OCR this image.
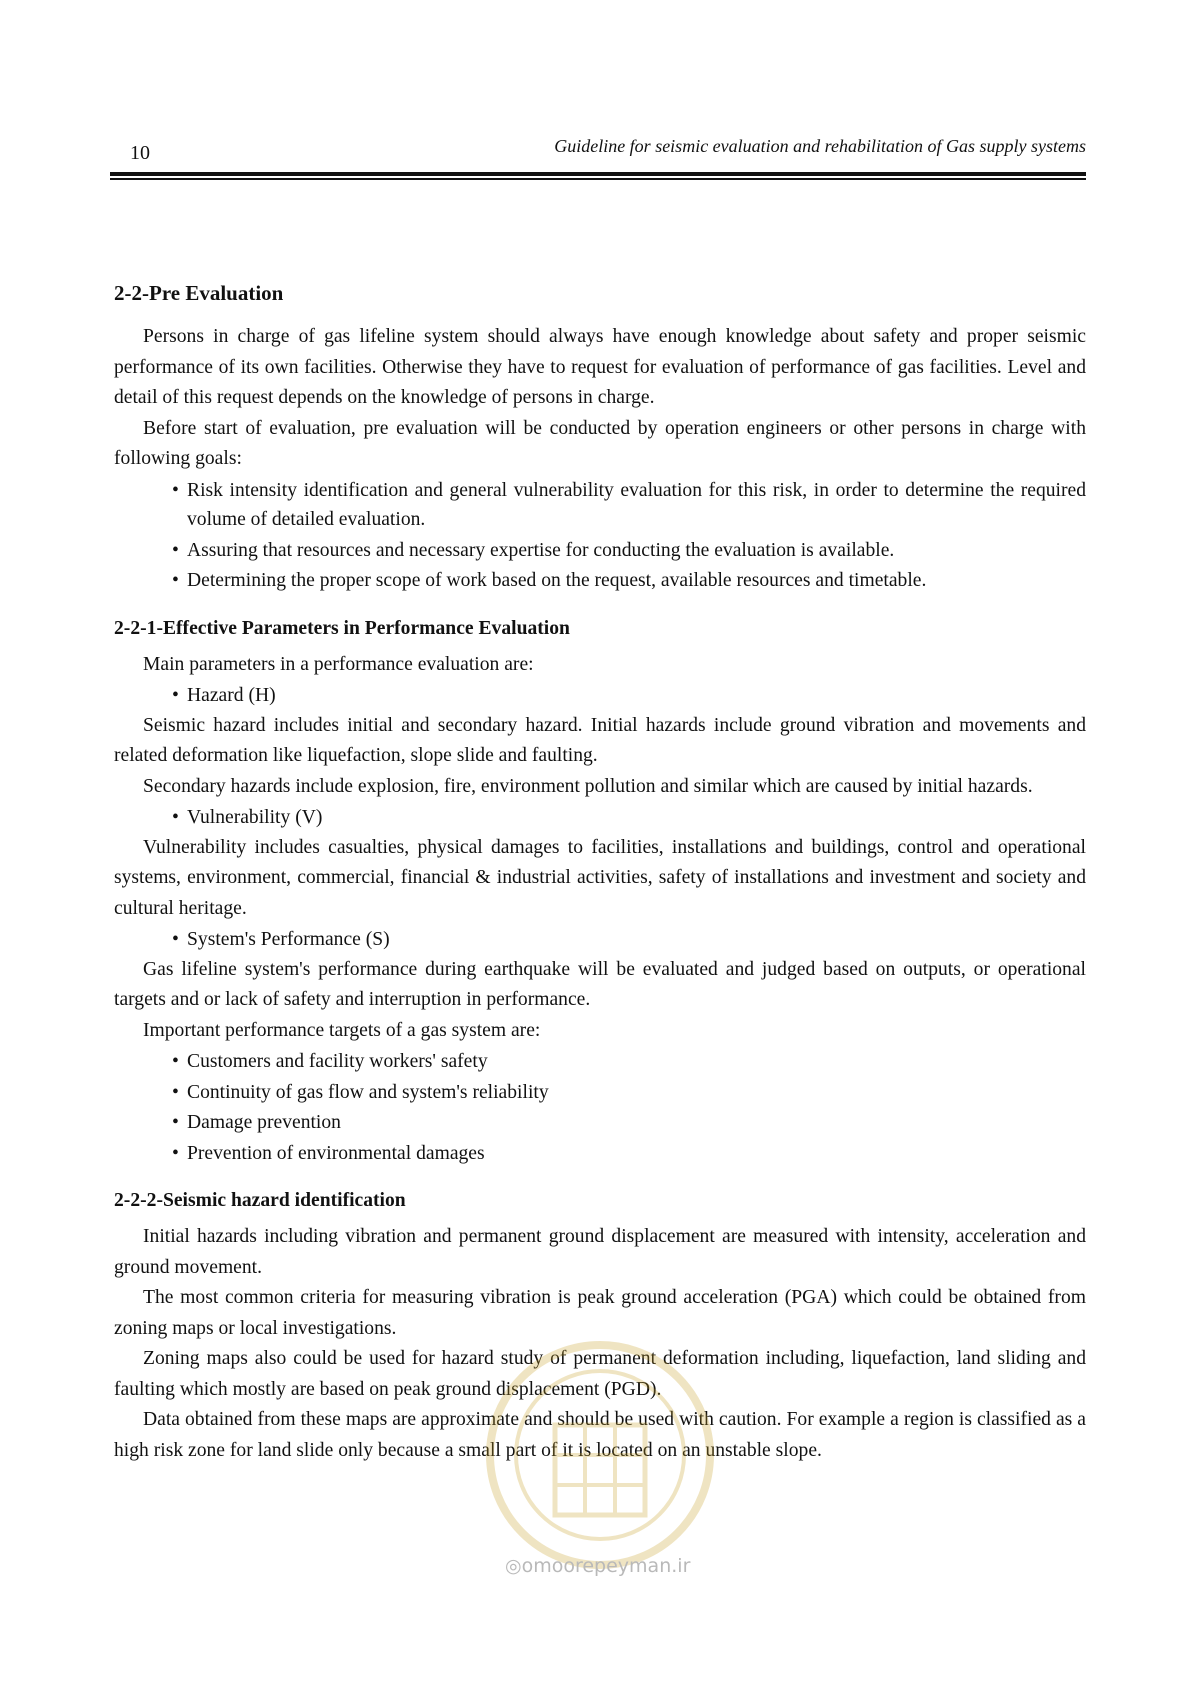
10	Guideline for seismic evaluation and rehabilitation of Gas supply systems
2-2-Pre Evaluation

Persons in charge of gas lifeline system should always have enough knowledge about safety and proper seismic performance of its own facilities. Otherwise they have to request for evaluation of performance of gas facilities. Level and detail of this request depends on the knowledge of persons in charge.

Before start of evaluation, pre evaluation will be conducted by operation engineers or other persons in charge with following goals:

• Risk intensity identification and general vulnerability evaluation for this risk, in order to determine the required volume of detailed evaluation.
• Assuring that resources and necessary expertise for conducting the evaluation is available.
• Determining the proper scope of work based on the request, available resources and timetable.
2-2-1-Effective Parameters in Performance Evaluation

Main parameters in a performance evaluation are:

• Hazard (H)

Seismic hazard includes initial and secondary hazard. Initial hazards include ground vibration and movements and related deformation like liquefaction, slope slide and faulting.

Secondary hazards include explosion, fire, environment pollution and similar which are caused by initial hazards.

• Vulnerability (V)

Vulnerability includes casualties, physical damages to facilities, installations and buildings, control and operational systems, environment, commercial, financial & industrial activities, safety of installations and investment and society and cultural heritage.

• System's Performance (S)

Gas lifeline system's performance during earthquake will be evaluated and judged based on outputs, or operational targets and or lack of safety and interruption in performance.

Important performance targets of a gas system are:

• Customers and facility workers' safety
• Continuity of gas flow and system's reliability
• Damage prevention
• Prevention of environmental damages
2-2-2-Seismic hazard identification

Initial hazards including vibration and permanent ground displacement are measured with intensity, acceleration and ground movement.

The most common criteria for measuring vibration is peak ground acceleration (PGA) which could be obtained from zoning maps or local investigations.

Zoning maps also could be used for hazard study of permanent deformation including, liquefaction, land sliding and faulting which mostly are based on peak ground displacement (PGD).

Data obtained from these maps are approximate and should be used with caution. For example a region is classified as a high risk zone for land slide only because a small part of it is located on an unstable slope.

◎omoorepeyman.ir
